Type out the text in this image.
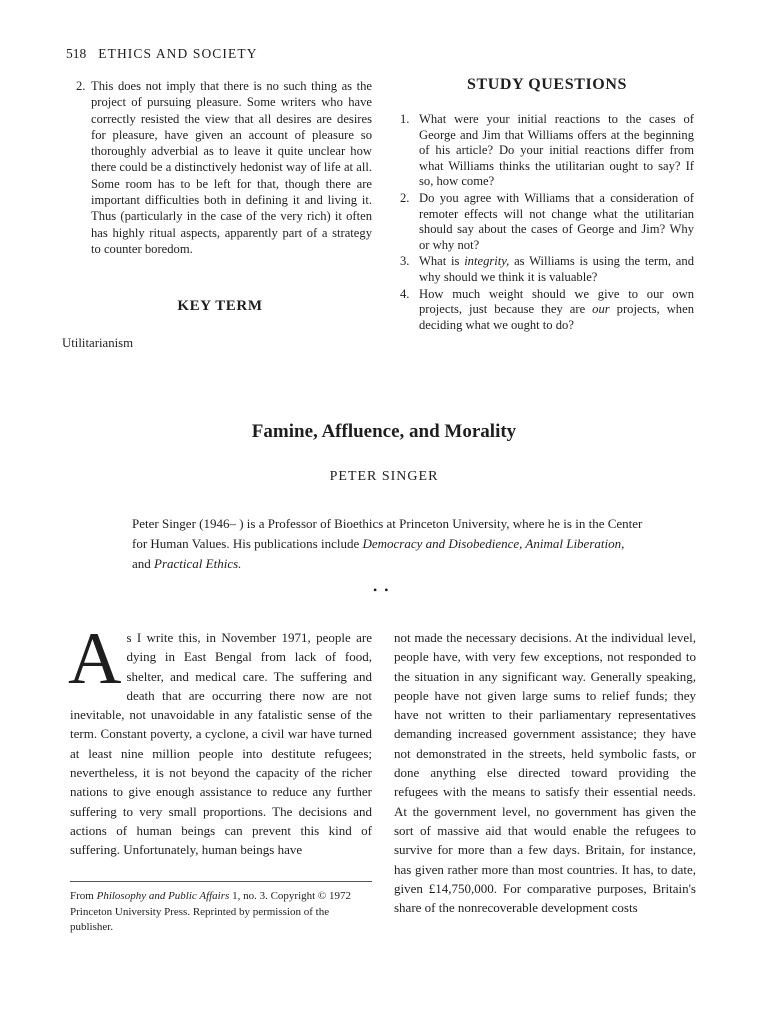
518 ETHICS AND SOCIETY
2. This does not imply that there is no such thing as the project of pursuing pleasure. Some writers who have correctly resisted the view that all desires are desires for pleasure, have given an account of pleasure so thoroughly adverbial as to leave it quite unclear how there could be a distinctively hedonist way of life at all. Some room has to be left for that, though there are important difficulties both in defining it and living it. Thus (particularly in the case of the very rich) it often has highly ritual aspects, apparently part of a strategy to counter boredom.
KEY TERM
Utilitarianism
STUDY QUESTIONS
1. What were your initial reactions to the cases of George and Jim that Williams offers at the beginning of his article? Do your initial reactions differ from what Williams thinks the utilitarian ought to say? If so, how come?
2. Do you agree with Williams that a consideration of remoter effects will not change what the utilitarian should say about the cases of George and Jim? Why or why not?
3. What is integrity, as Williams is using the term, and why should we think it is valuable?
4. How much weight should we give to our own projects, just because they are our projects, when deciding what we ought to do?
Famine, Affluence, and Morality
PETER SINGER
Peter Singer (1946– ) is a Professor of Bioethics at Princeton University, where he is in the Center for Human Values. His publications include Democracy and Disobedience, Animal Liberation, and Practical Ethics.
• •
As I write this, in November 1971, people are dying in East Bengal from lack of food, shelter, and medical care. The suffering and death that are occurring there now are not inevitable, not unavoidable in any fatalistic sense of the term. Constant poverty, a cyclone, a civil war have turned at least nine million people into destitute refugees; nevertheless, it is not beyond the capacity of the richer nations to give enough assistance to reduce any further suffering to very small proportions. The decisions and actions of human beings can prevent this kind of suffering. Unfortunately, human beings have
not made the necessary decisions. At the individual level, people have, with very few exceptions, not responded to the situation in any significant way. Generally speaking, people have not given large sums to relief funds; they have not written to their parliamentary representatives demanding increased government assistance; they have not demonstrated in the streets, held symbolic fasts, or done anything else directed toward providing the refugees with the means to satisfy their essential needs. At the government level, no government has given the sort of massive aid that would enable the refugees to survive for more than a few days. Britain, for instance, has given rather more than most countries. It has, to date, given £14,750,000. For comparative purposes, Britain's share of the nonrecoverable development costs
From Philosophy and Public Affairs 1, no. 3. Copyright © 1972 Princeton University Press. Reprinted by permission of the publisher.
